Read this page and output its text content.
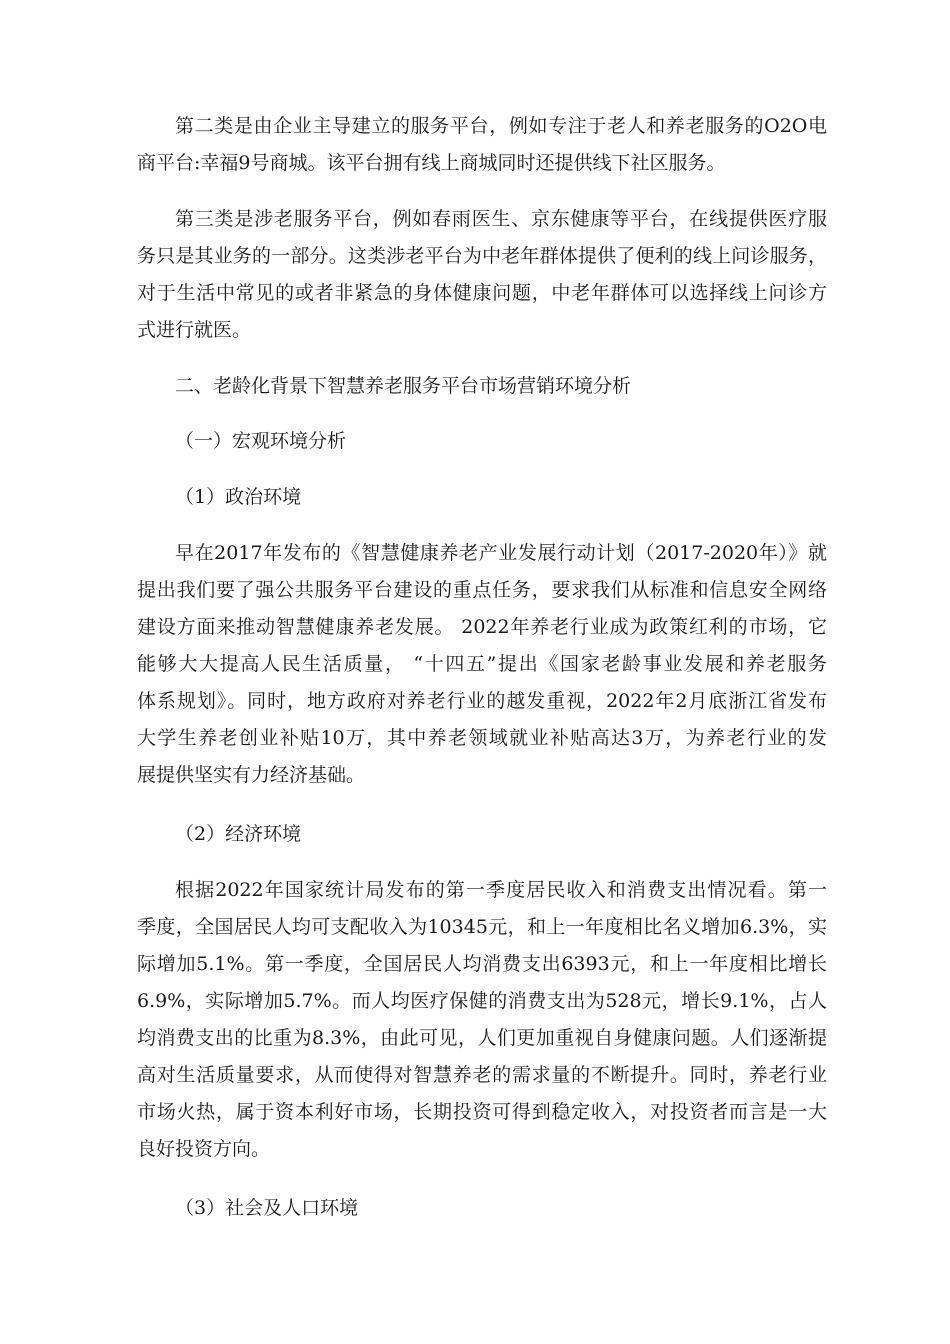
第二类是由企业主导建立的服务平台，例如专注于老人和养老服务的O2O电
商平台:幸福9号商城。该平台拥有线上商城同时还提供线下社区服务。
第三类是涉老服务平台，例如春雨医生、京东健康等平台，在线提供医疗服
务只是其业务的一部分。这类涉老平台为中老年群体提供了便利的线上问诊服务，
对于生活中常见的或者非紧急的身体健康问题，中老年群体可以选择线上问诊方
式进行就医。
二、老龄化背景下智慧养老服务平台市场营销环境分析
（一）宏观环境分析
（1）政治环境
早在2017年发布的《智慧健康养老产业发展行动计划（2017-2020年）》就
提出我们要了强公共服务平台建设的重点任务，要求我们从标准和信息安全网络
建设方面来推动智慧健康养老发展。 2022年养老行业成为政策红利的市场，它
能够大大提高人民生活质量， “十四五”提出《国家老龄事业发展和养老服务
体系规划》。同时，地方政府对养老行业的越发重视，2022年2月底浙江省发布
大学生养老创业补贴10万，其中养老领域就业补贴高达3万，为养老行业的发
展提供坚实有力经济基础。
（2）经济环境
根据2022年国家统计局发布的第一季度居民收入和消费支出情况看。第一
季度，全国居民人均可支配收入为10345元，和上一年度相比名义增加6.3%，实
际增加5.1%。第一季度，全国居民人均消费支出6393元，和上一年度相比增长
6.9%，实际增加5.7%。而人均医疗保健的消费支出为528元，增长9.1%，占人
均消费支出的比重为8.3%，由此可见，人们更加重视自身健康问题。人们逐渐提
高对生活质量要求，从而使得对智慧养老的需求量的不断提升。同时，养老行业
市场火热，属于资本利好市场，长期投资可得到稳定收入，对投资者而言是一大
良好投资方向。
（3）社会及人口环境
